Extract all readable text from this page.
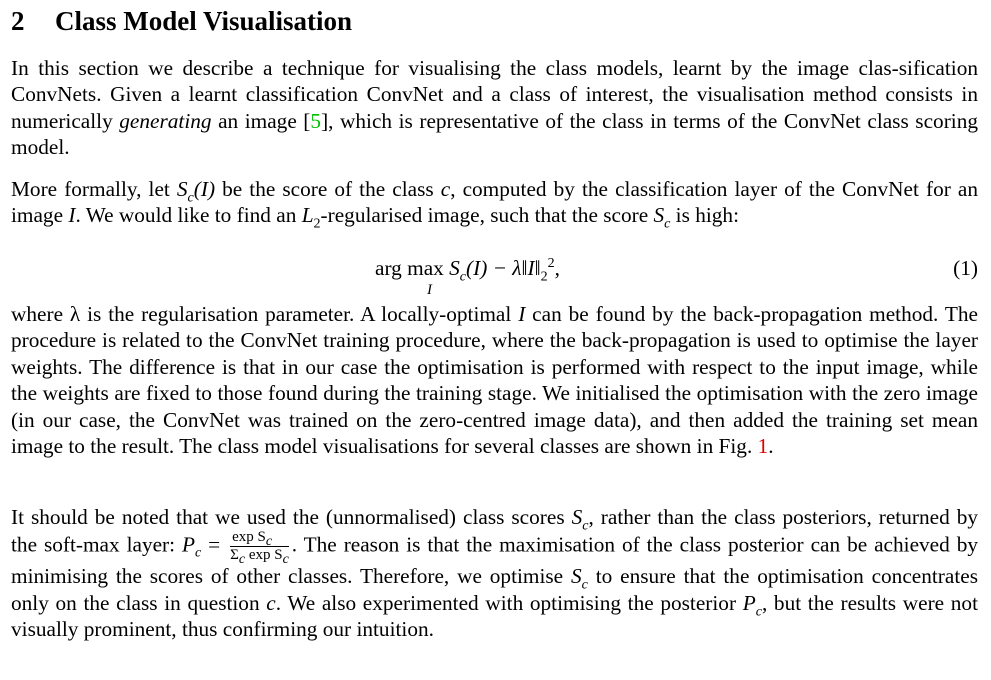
2 Class Model Visualisation

In this section we describe a technique for visualising the class models, learnt by the image clas-sification ConvNets. Given a learnt classification ConvNet and a class of interest, the visualisation method consists in numerically generating an image [5], which is representative of the class in terms of the ConvNet class scoring model.

More formally, let $S_c(I)$ be the score of the class c, computed by the classification layer of the ConvNet for an image I. We would like to find an $L_2$-regularised image, such that the score $S_c$ is high:

arg max
I
$S_c(I)$ − $\lambda‖I‖_2^2$,	(1)

where λ is the regularisation parameter. A locally-optimal I can be found by the back-propagation method. The procedure is related to the ConvNet training procedure, where the back-propagation is used to optimise the layer weights. The difference is that in our case the optimisation is performed with respect to the input image, while the weights are fixed to those found during the training stage. We initialised the optimisation with the zero image (in our case, the ConvNet was trained on the zero-centred image data), and then added the training set mean image to the result. The class model visualisations for several classes are shown in Fig. 1.

It should be noted that we used the (unnormalised) class scores $S_c$, rather than the class posteriors, returned by the soft-max layer: $P_c = \frac{\exp S_c}{\Sigma_c \exp S_c}$ . The reason is that the maximisation of the class posterior can be achieved by minimising the scores of other classes. Therefore, we optimise $S_c$ to ensure that the optimisation concentrates only on the class in question c. We also experimented with optimising the posterior $P_c$, but the results were not visually prominent, thus confirming our intuition.
